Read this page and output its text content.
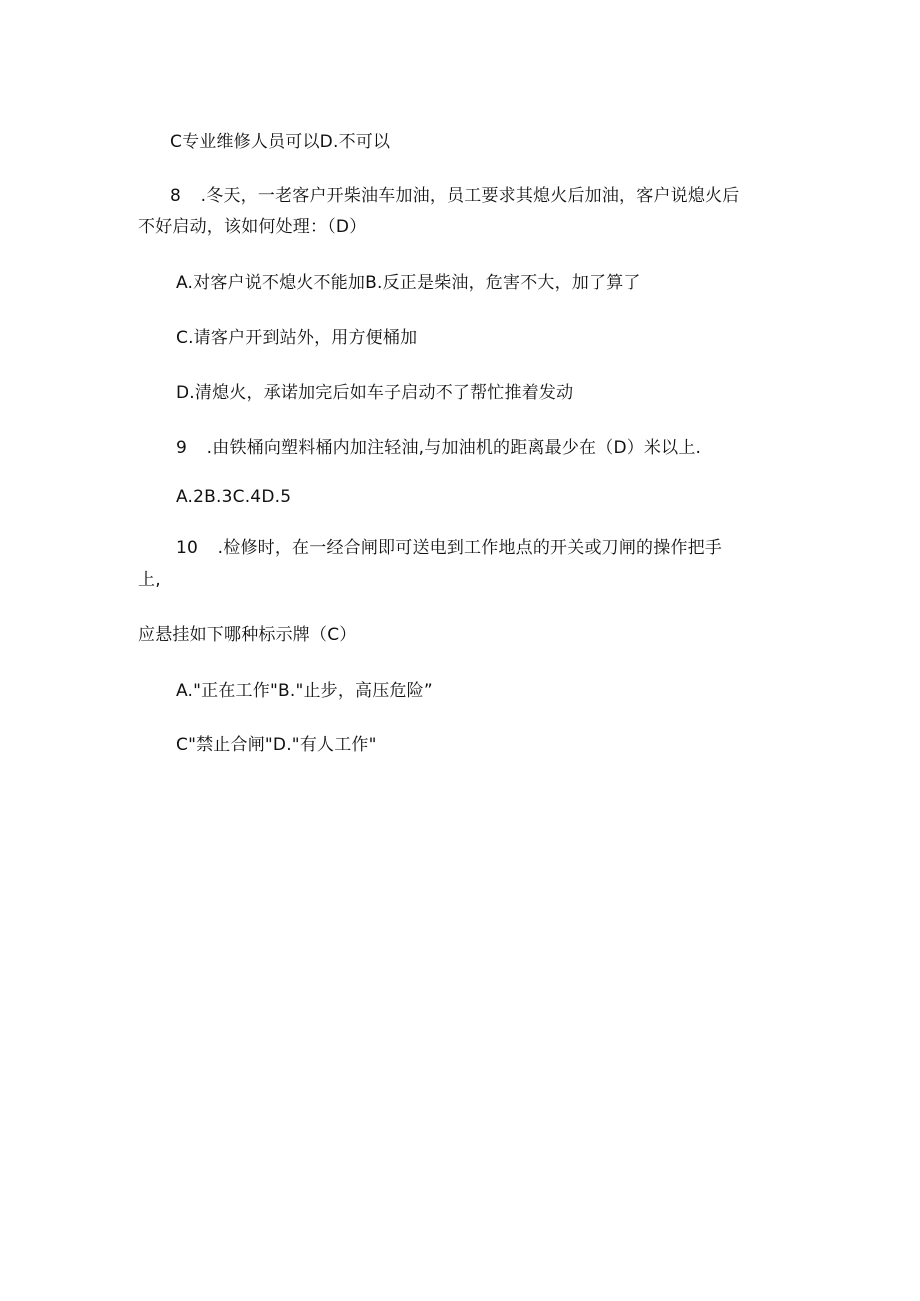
C专业维修人员可以D.不可以
8 .冬天，一老客户开柴油车加油，员工要求其熄火后加油，客户说熄火后
不好启动，该如何处理：（D）
A.对客户说不熄火不能加B.反正是柴油，危害不大，加了算了
C.请客户开到站外，用方便桶加
D.清熄火，承诺加完后如车子启动不了帮忙推着发动
9 .由铁桶向塑料桶内加注轻油,与加油机的距离最少在（D）米以上.
A.2B.3C.4D.5
10 .检修时，在一经合闸即可送电到工作地点的开关或刀闸的操作把手
上,
应悬挂如下哪种标示牌（C）
A."正在工作"B."止步，高压危险”
C"禁止合闸"D."有人工作"
